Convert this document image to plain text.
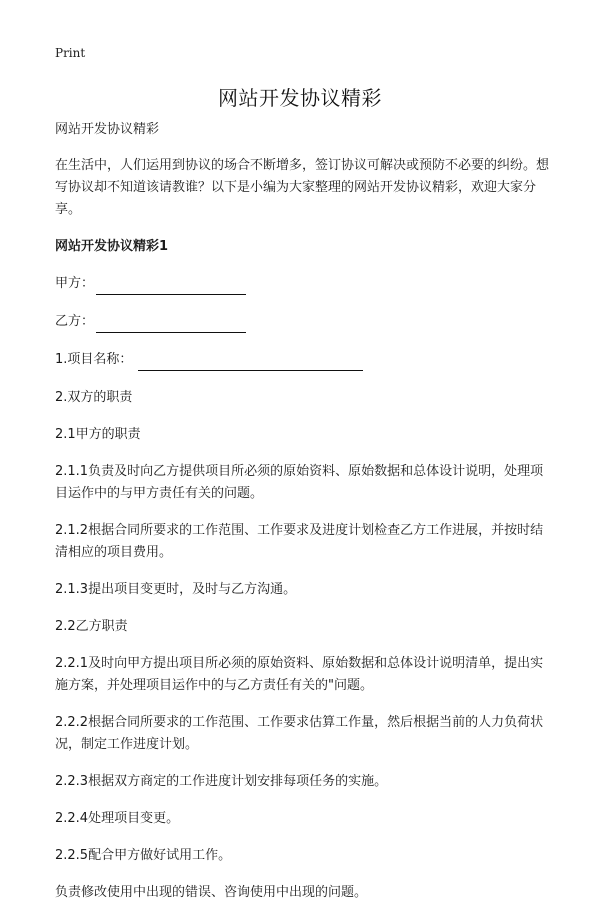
Print
网站开发协议精彩

网站开发协议精彩

在生活中，人们运用到协议的场合不断增多，签订协议可解决或预防不必要的纠纷。想写协议却不知道该请教谁？以下是小编为大家整理的网站开发协议精彩，欢迎大家分享。

网站开发协议精彩1

甲方：
乙方：
1.项目名称：

2.双方的职责

2.1甲方的职责

2.1.1负责及时向乙方提供项目所必须的原始资料、原始数据和总体设计说明，处理项目运作中的与甲方责任有关的问题。

2.1.2根据合同所要求的工作范围、工作要求及进度计划检查乙方工作进展，并按时结清相应的项目费用。

2.1.3提出项目变更时，及时与乙方沟通。

2.2乙方职责

2.2.1及时向甲方提出项目所必须的原始资料、原始数据和总体设计说明清单，提出实施方案，并处理项目运作中的与乙方责任有关的"问题。

2.2.2根据合同所要求的工作范围、工作要求估算工作量，然后根据当前的人力负荷状况，制定工作进度计划。

2.2.3根据双方商定的工作进度计划安排每项任务的实施。

2.2.4处理项目变更。

2.2.5配合甲方做好试用工作。

负责修改使用中出现的错误、咨询使用中出现的问题。
